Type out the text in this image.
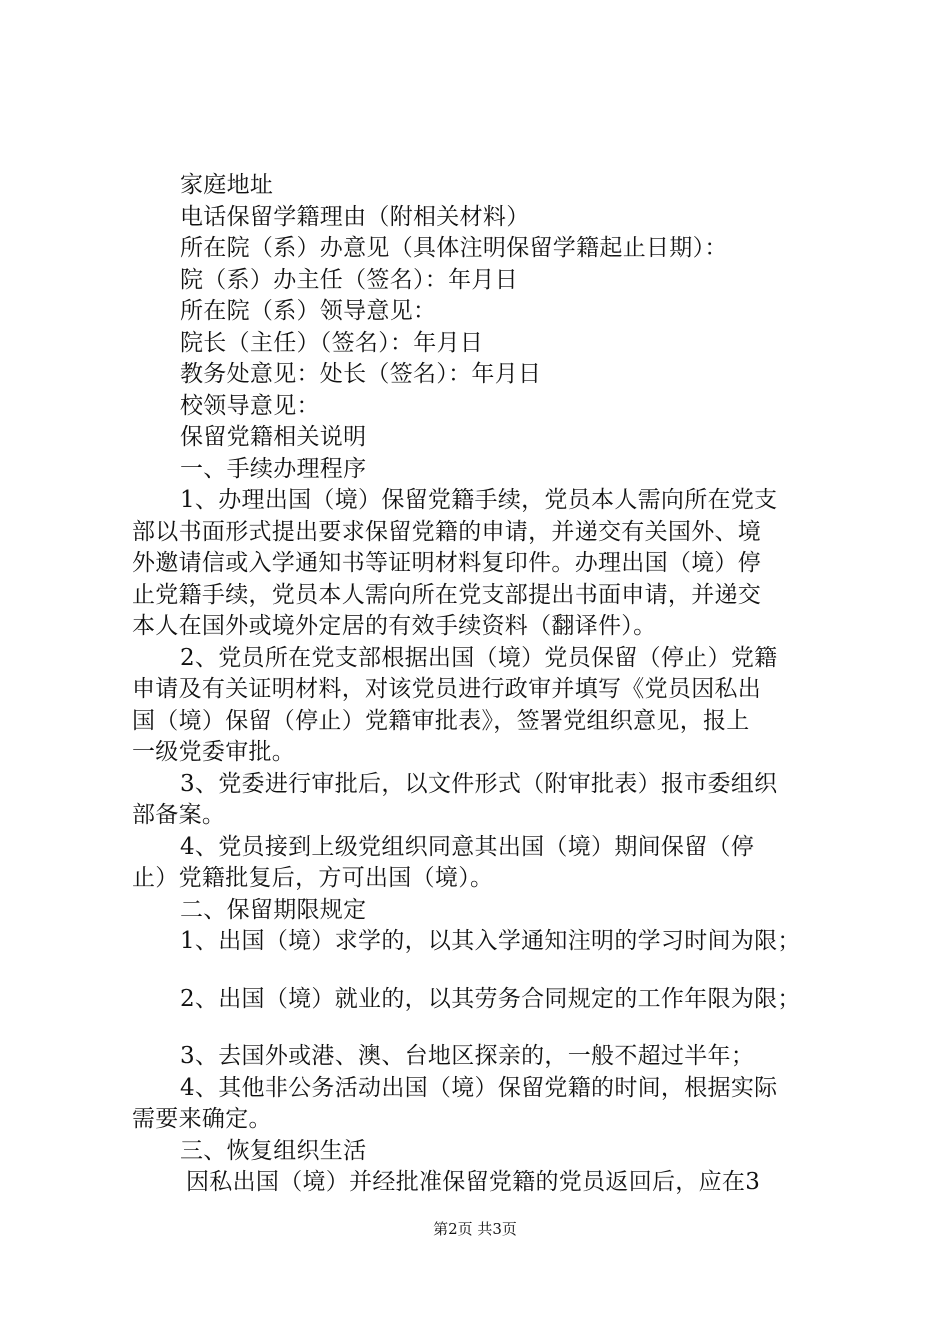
家庭地址
电话保留学籍理由（附相关材料）
所在院（系）办意见（具体注明保留学籍起止日期）：
院（系）办主任（签名）：年月日
所在院（系）领导意见：
院长（主任）（签名）：年月日
教务处意见：处长（签名）：年月日
校领导意见：
保留党籍相关说明
一、手续办理程序
1、办理出国（境）保留党籍手续，党员本人需向所在党支
部以书面形式提出要求保留党籍的申请，并递交有关国外、境
外邀请信或入学通知书等证明材料复印件。办理出国（境）停
止党籍手续，党员本人需向所在党支部提出书面申请，并递交
本人在国外或境外定居的有效手续资料（翻译件）。
2、党员所在党支部根据出国（境）党员保留（停止）党籍
申请及有关证明材料，对该党员进行政审并填写《党员因私出
国（境）保留（停止）党籍审批表》，签署党组织意见，报上
一级党委审批。
3、党委进行审批后，以文件形式（附审批表）报市委组织
部备案。
4、党员接到上级党组织同意其出国（境）期间保留（停
止）党籍批复后，方可出国（境）。
二、保留期限规定
1、出国（境）求学的，以其入学通知注明的学习时间为限；
2、出国（境）就业的，以其劳务合同规定的工作年限为限；
3、去国外或港、澳、台地区探亲的，一般不超过半年；
4、其他非公务活动出国（境）保留党籍的时间，根据实际
需要来确定。
三、恢复组织生活
因私出国（境）并经批准保留党籍的党员返回后，应在3
第2页 共3页
